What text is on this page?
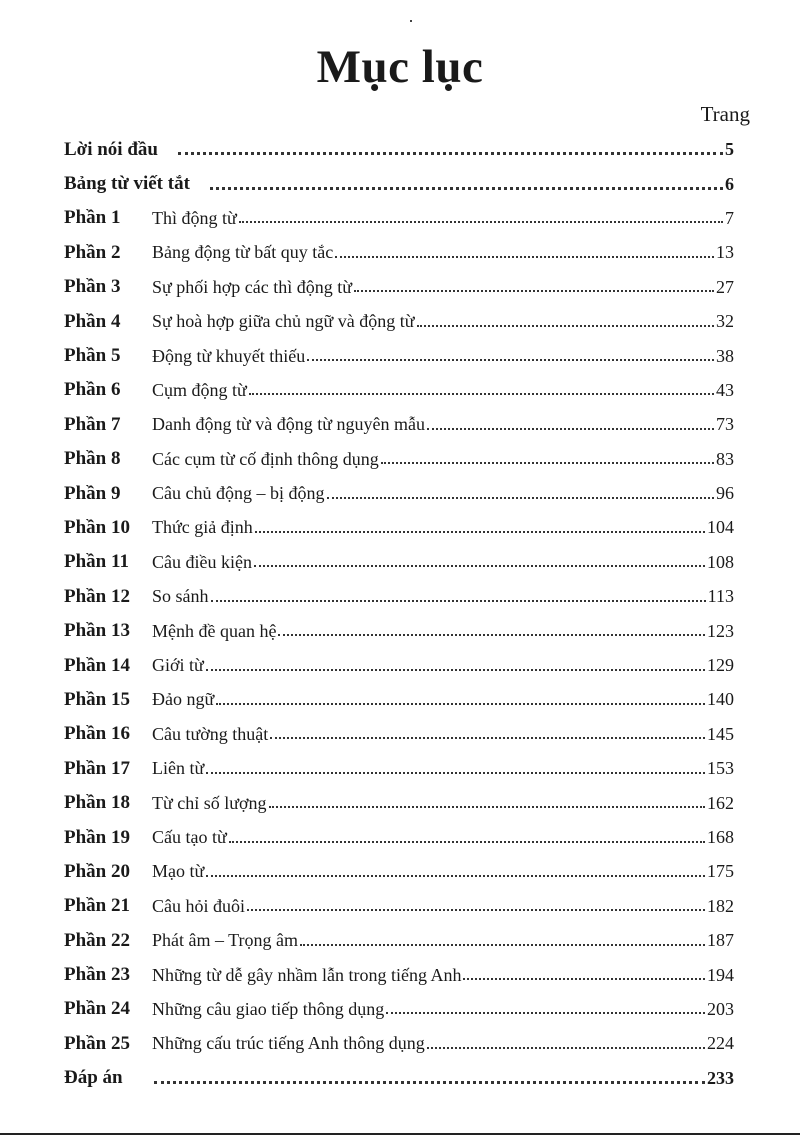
Mục lục
Trang
Lời nói đầu	5
Bảng từ viết tắt	6
Phần 1	Thì động từ	7
Phần 2	Bảng động từ bất quy tắc	13
Phần 3	Sự phối hợp các thì động từ	27
Phần 4	Sự hoà hợp giữa chủ ngữ và động từ	32
Phần 5	Động từ khuyết thiếu	38
Phần 6	Cụm động từ	43
Phần 7	Danh động từ và động từ nguyên mẫu	73
Phần 8	Các cụm từ cố định thông dụng	83
Phần 9	Câu chủ động – bị động	96
Phần 10	Thức giả định	104
Phần 11	Câu điều kiện	108
Phần 12	So sánh	113
Phần 13	Mệnh đề quan hệ	123
Phần 14	Giới từ	129
Phần 15	Đảo ngữ	140
Phần 16	Câu tường thuật	145
Phần 17	Liên từ	153
Phần 18	Từ chỉ số lượng	162
Phần 19	Cấu tạo từ	168
Phần 20	Mạo từ	175
Phần 21	Câu hỏi đuôi	182
Phần 22	Phát âm – Trọng âm	187
Phần 23	Những từ dễ gây nhầm lẫn trong tiếng Anh	194
Phần 24	Những câu giao tiếp thông dụng	203
Phần 25	Những cấu trúc tiếng Anh thông dụng	224
Đáp án	233
